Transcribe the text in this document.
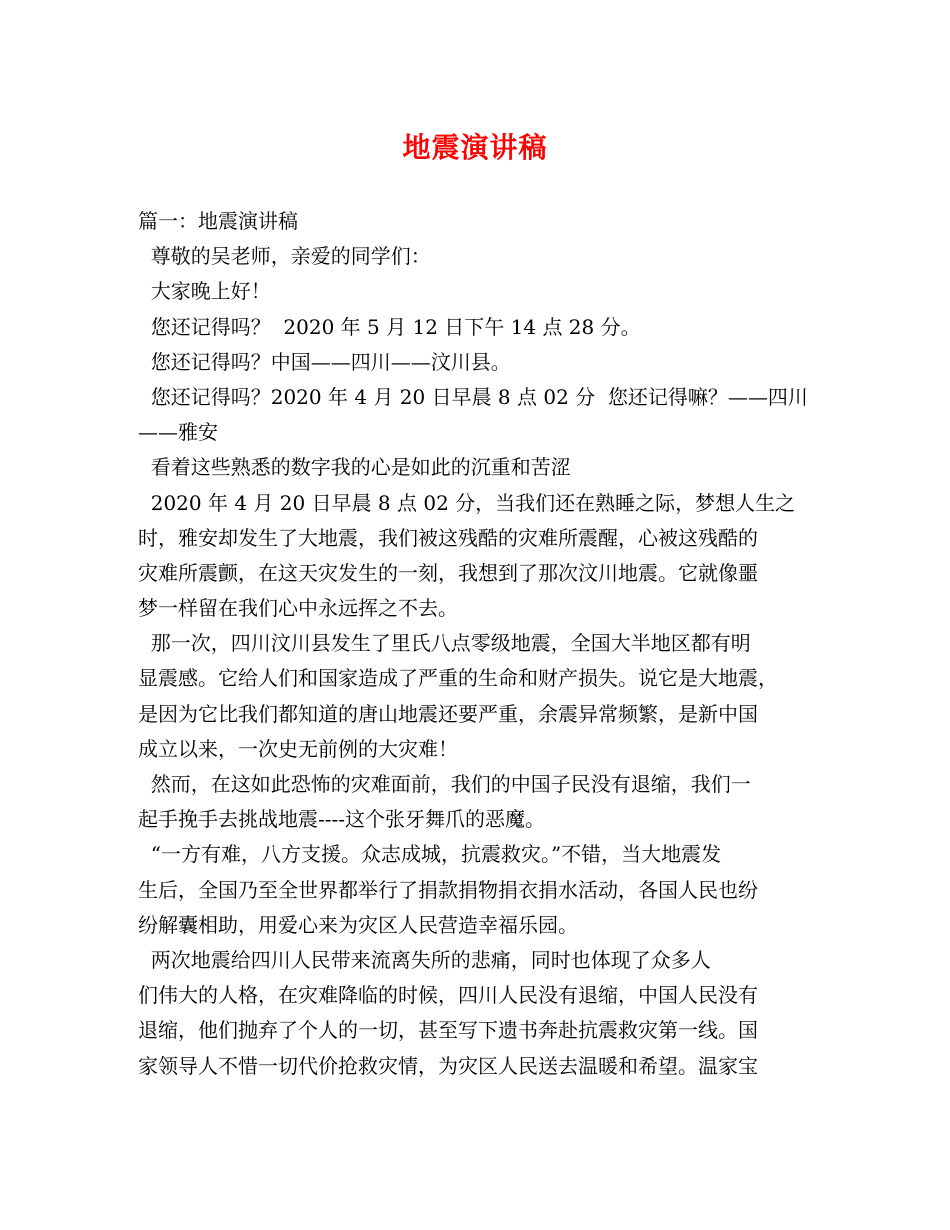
地震演讲稿
篇一：地震演讲稿
尊敬的吴老师，亲爱的同学们：
大家晚上好！
您还记得吗？  2020 年 5 月 12 日下午 14 点 28 分。
您还记得吗？中国——四川——汶川县。
您还记得吗？2020 年 4 月 20 日早晨 8 点 02 分  您还记得嘛？——四川
——雅安
看着这些熟悉的数字我的心是如此的沉重和苦涩
2020 年 4 月 20 日早晨 8 点 02 分，当我们还在熟睡之际，梦想人生之
时，雅安却发生了大地震，我们被这残酷的灾难所震醒，心被这残酷的
灾难所震颤，在这天灾发生的一刻，我想到了那次汶川地震。它就像噩
梦一样留在我们心中永远挥之不去。
那一次，四川汶川县发生了里氏八点零级地震，全国大半地区都有明
显震感。它给人们和国家造成了严重的生命和财产损失。说它是大地震，
是因为它比我们都知道的唐山地震还要严重，余震异常频繁，是新中国
成立以来，一次史无前例的大灾难！
然而，在这如此恐怖的灾难面前，我们的中国子民没有退缩，我们一
起手挽手去挑战地震----这个张牙舞爪的恶魔。
“一方有难，八方支援。众志成城，抗震救灾。”不错，当大地震发
生后，全国乃至全世界都举行了捐款捐物捐衣捐水活动，各国人民也纷
纷解囊相助，用爱心来为灾区人民营造幸福乐园。
两次地震给四川人民带来流离失所的悲痛，同时也体现了众多人
们伟大的人格，在灾难降临的时候，四川人民没有退缩，中国人民没有
退缩，他们抛弃了个人的一切，甚至写下遗书奔赴抗震救灾第一线。国
家领导人不惜一切代价抢救灾情，为灾区人民送去温暖和希望。温家宝
